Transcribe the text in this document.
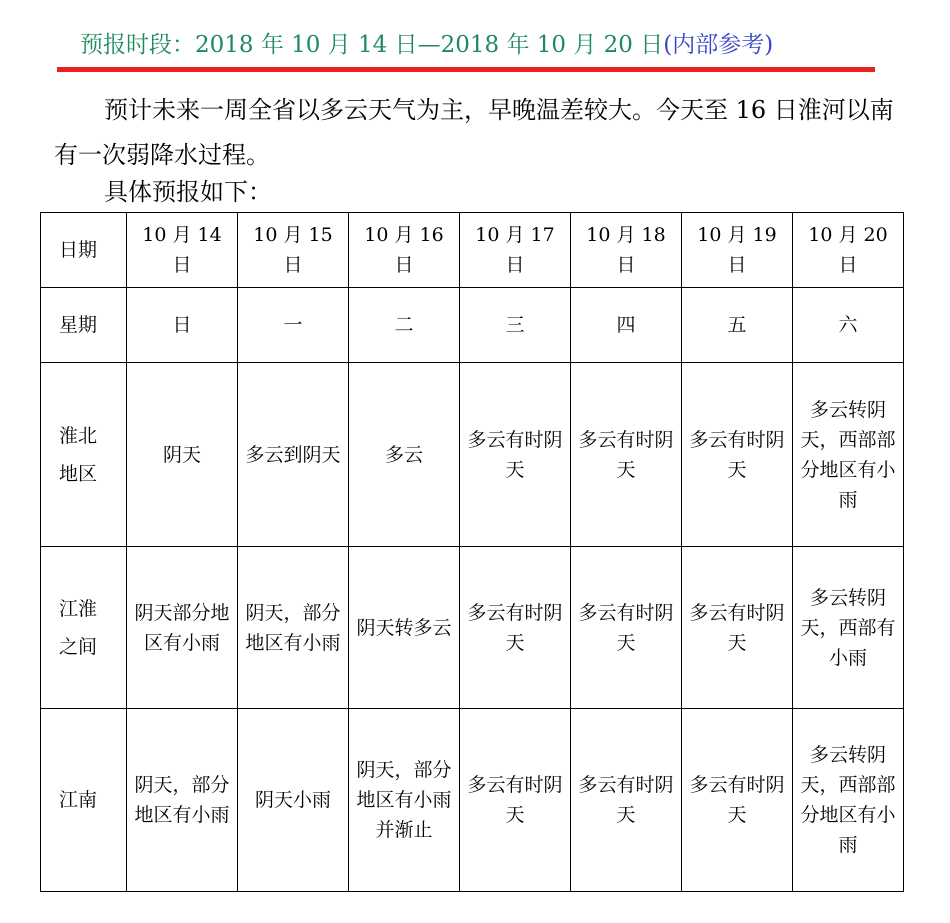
预报时段：2018 年 10 月 14 日—2018 年 10 月 20 日(内部参考)
预计未来一周全省以多云天气为主，早晚温差较大。今天至 16 日淮河以南有一次弱降水过程。
具体预报如下：
日期	10 月 14 日	10 月 15 日	10 月 16 日	10 月 17 日	10 月 18 日	10 月 19 日	10 月 20 日
星期	日	一	二	三	四	五	六

淮北
地区	阴天	多云到阴天	多云	多云有时阴天	多云有时阴天	多云有时阴天	多云转阴天，西部部分地区有小雨

江淮
之间	阴天部分地区有小雨	阴天，部分地区有小雨	阴天转多云	多云有时阴天	多云有时阴天	多云有时阴天	多云转阴天，西部有小雨

江南	阴天，部分地区有小雨	阴天小雨	阴天，部分地区有小雨并渐止	多云有时阴天	多云有时阴天	多云有时阴天	多云转阴天，西部部分地区有小雨
